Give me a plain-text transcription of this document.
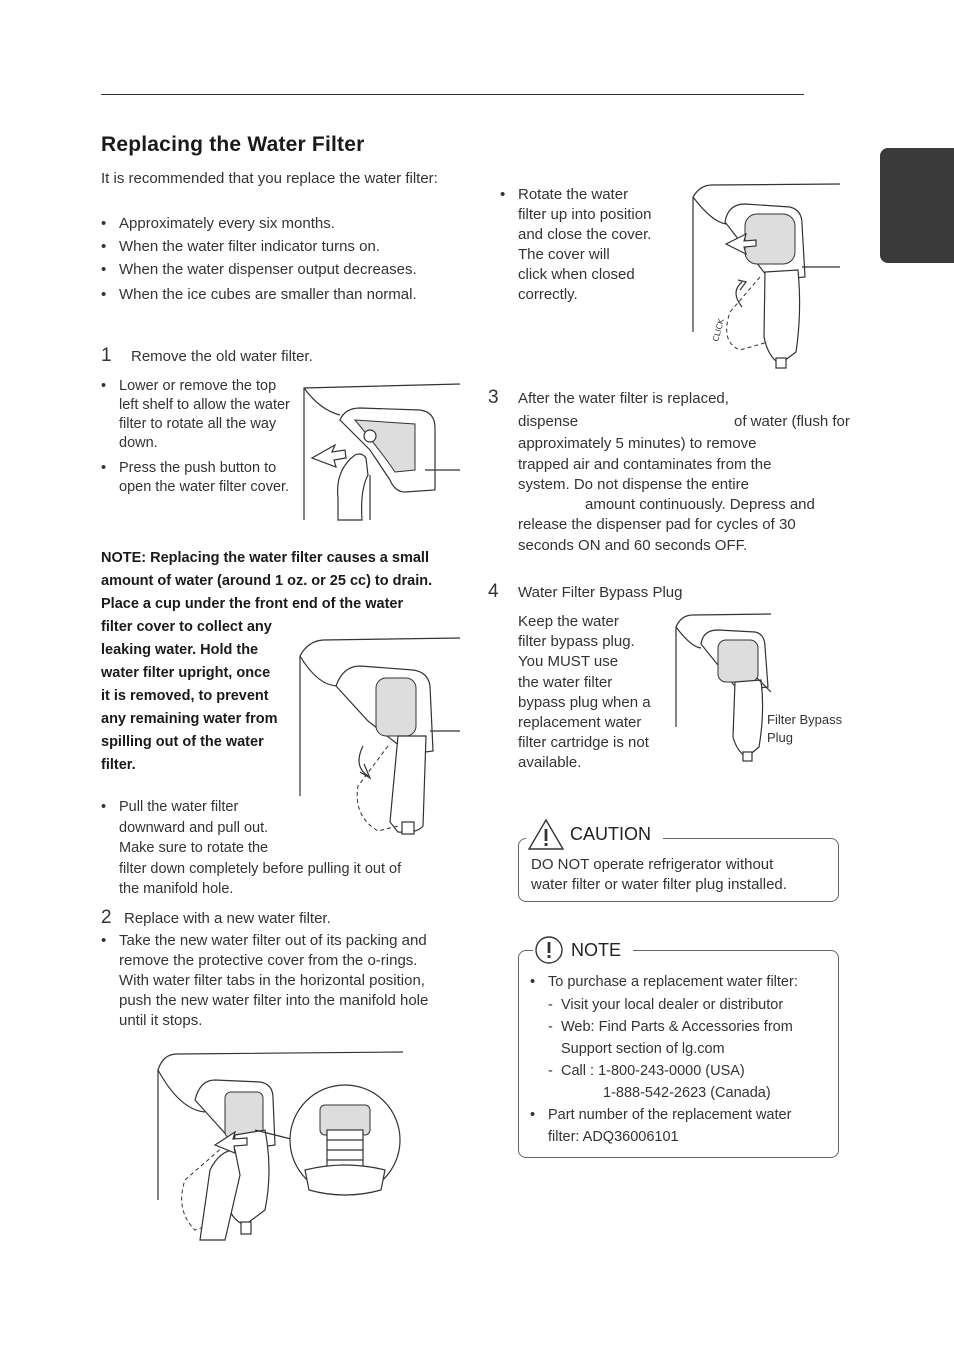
Replacing the Water Filter
It is recommended that you replace the water filter:
• Approximately every six months.
• When the water filter indicator turns on.
• When the water dispenser output decreases.
• When the ice cubes are smaller than normal.
1 Remove the old water filter.
• Lower or remove the top left shelf to allow the water filter to rotate all the way down.
• Press the push button to open the water filter cover.
NOTE: Replacing the water filter causes a small
amount of water (around 1 oz. or 25 cc) to drain.
Place a cup under the front end of the water
filter cover to collect any
leaking water. Hold the
water filter upright, once
it is removed, to prevent
any remaining water from
spilling out of the water
filter.
• Pull the water filter
downward and pull out.
Make sure to rotate the
filter down completely before pulling it out of
the manifold hole.
2 Replace with a new water filter.
• Take the new water filter out of its packing and remove the protective cover from the o-rings. With water filter tabs in the horizontal position, push the new water filter into the manifold hole until it stops.
• Rotate the water
filter up into position
and close the cover.
The cover will
click when closed
correctly.
CLICK
3 After the water filter is replaced,
dispense	of water (flush for
approximately 5 minutes) to remove
trapped air and contaminates from the
system. Do not dispense the entire
amount continuously. Depress and
release the dispenser pad for cycles of 30
seconds ON and 60 seconds OFF.
4 Water Filter Bypass Plug
Keep the water
filter bypass plug.
You MUST use
the water filter
bypass plug when a
replacement water
filter cartridge is not
available.
Filter Bypass
Plug
CAUTION
DO NOT operate refrigerator without
water filter or water filter plug installed.
NOTE
• To purchase a replacement water filter:
- Visit your local dealer or distributor
- Web: Find Parts & Accessories from
Support section of lg.com
- Call : 1-800-243-0000 (USA)
1-888-542-2623 (Canada)
• Part number of the replacement water
filter: ADQ36006101
